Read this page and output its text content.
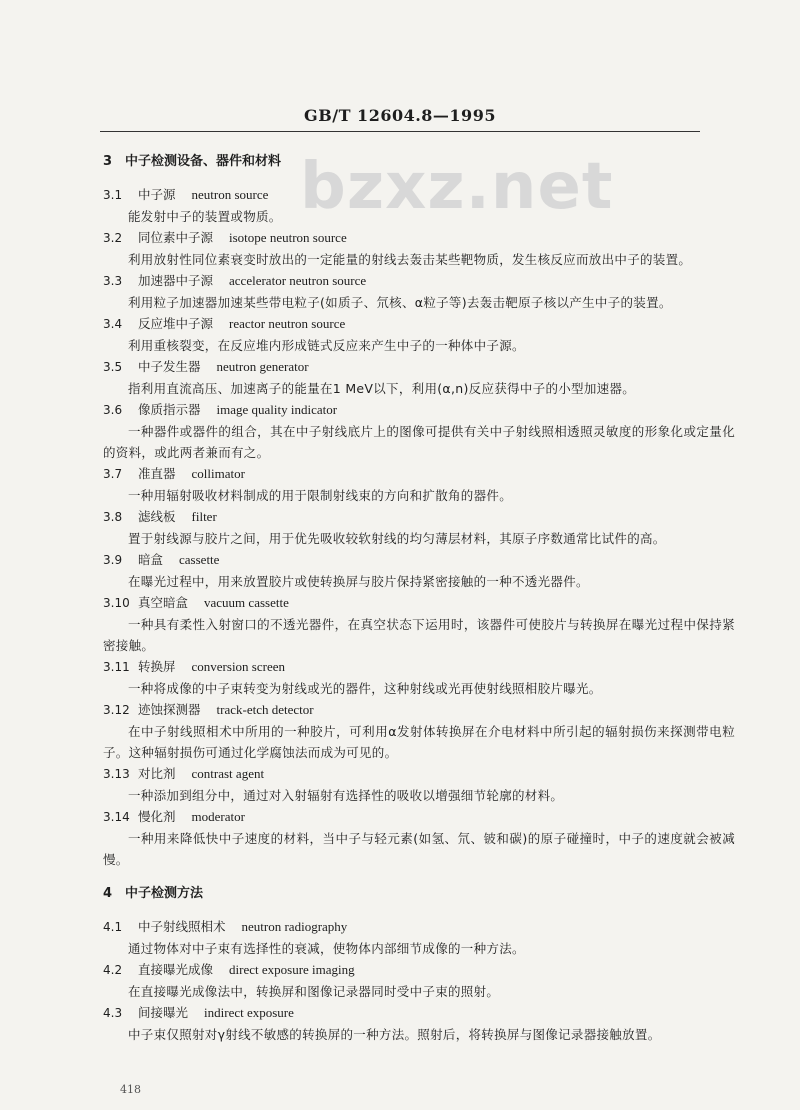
GB/T 12604.8—1995
bzxz.net
3 中子检测设备、器件和材料
3.1 中子源 neutron source
能发射中子的装置或物质。
3.2 同位素中子源 isotope neutron source
利用放射性同位素衰变时放出的一定能量的射线去轰击某些靶物质，发生核反应而放出中子的装置。
3.3 加速器中子源 accelerator neutron source
利用粒子加速器加速某些带电粒子(如质子、氘核、α粒子等)去轰击靶原子核以产生中子的装置。
3.4 反应堆中子源 reactor neutron source
利用重核裂变，在反应堆内形成链式反应来产生中子的一种体中子源。
3.5 中子发生器 neutron generator
指利用直流高压、加速离子的能量在1 MeV以下，利用(α,n)反应获得中子的小型加速器。
3.6 像质指示器 image quality indicator
一种器件或器件的组合，其在中子射线底片上的图像可提供有关中子射线照相透照灵敏度的形象化或定量化的资料，或此两者兼而有之。
3.7 准直器 collimator
一种用辐射吸收材料制成的用于限制射线束的方向和扩散角的器件。
3.8 滤线板 filter
置于射线源与胶片之间，用于优先吸收较软射线的均匀薄层材料，其原子序数通常比试件的高。
3.9 暗盒 cassette
在曝光过程中，用来放置胶片或使转换屏与胶片保持紧密接触的一种不透光器件。
3.10 真空暗盒 vacuum cassette
一种具有柔性入射窗口的不透光器件，在真空状态下运用时，该器件可使胶片与转换屏在曝光过程中保持紧密接触。
3.11 转换屏 conversion screen
一种将成像的中子束转变为射线或光的器件，这种射线或光再使射线照相胶片曝光。
3.12 迹蚀探测器 track-etch detector
在中子射线照相术中所用的一种胶片，可利用α发射体转换屏在介电材料中所引起的辐射损伤来探测带电粒子。这种辐射损伤可通过化学腐蚀法而成为可见的。
3.13 对比剂 contrast agent
一种添加到组分中，通过对入射辐射有选择性的吸收以增强细节轮廓的材料。
3.14 慢化剂 moderator
一种用来降低快中子速度的材料，当中子与轻元素(如氢、氘、铍和碳)的原子碰撞时，中子的速度就会被减慢。
4 中子检测方法
4.1 中子射线照相术 neutron radiography
通过物体对中子束有选择性的衰减，使物体内部细节成像的一种方法。
4.2 直接曝光成像 direct exposure imaging
在直接曝光成像法中，转换屏和图像记录器同时受中子束的照射。
4.3 间接曝光 indirect exposure
中子束仅照射对γ射线不敏感的转换屏的一种方法。照射后，将转换屏与图像记录器接触放置。
418
